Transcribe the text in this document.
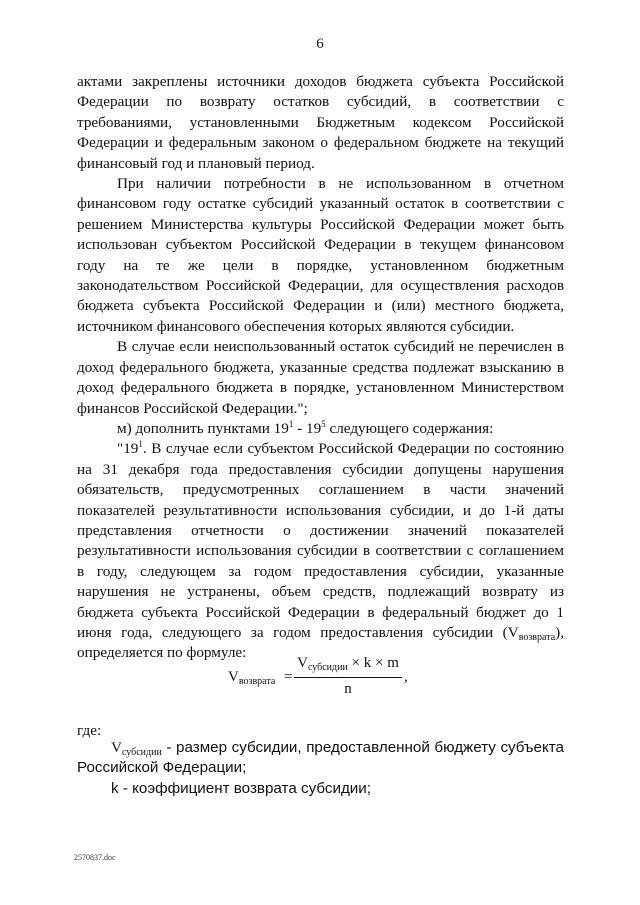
6

актами закреплены источники доходов бюджета субъекта Российской Федерации по возврату остатков субсидий, в соответствии с требованиями, установленными Бюджетным кодексом Российской Федерации и федеральным законом о федеральном бюджете на текущий финансовый год и плановый период.

При наличии потребности в не использованном в отчетном финансовом году остатке субсидий указанный остаток в соответствии с решением Министерства культуры Российской Федерации может быть использован субъектом Российской Федерации в текущем финансовом году на те же цели в порядке, установленном бюджетным законодательством Российской Федерации, для осуществления расходов бюджета субъекта Российской Федерации и (или) местного бюджета, источником финансового обеспечения которых являются субсидии.

В случае если неиспользованный остаток субсидий не перечислен в доход федерального бюджета, указанные средства подлежат взысканию в доход федерального бюджета в порядке, установленном Министерством финансов Российской Федерации.";

м) дополнить пунктами $19^1 - 19^5$ следующего содержания:

"$19^1$. В случае если субъектом Российской Федерации по состоянию на 31 декабря года предоставления субсидии допущены нарушения обязательств, предусмотренных соглашением в части значений показателей результативности использования субсидии, и до 1-й даты представления отчетности о достижении значений показателей результативности использования субсидии в соответствии с соглашением в году, следующем за годом предоставления субсидии, указанные нарушения не устранены, объем средств, подлежащий возврату из бюджета субъекта Российской Федерации в федеральный бюджет до 1 июня года, следующего за годом предоставления субсидии $(V_{возврата})$, определяется по формуле:

$V_{возврата}$ =
$V_{субсидии} \times k \times m$
n
,

где:

$V_{субсидии}$ - размер субсидии, предоставленной бюджету субъекта

Российской Федерации;

k - коэффициент возврата субсидии;

2570837.doc
